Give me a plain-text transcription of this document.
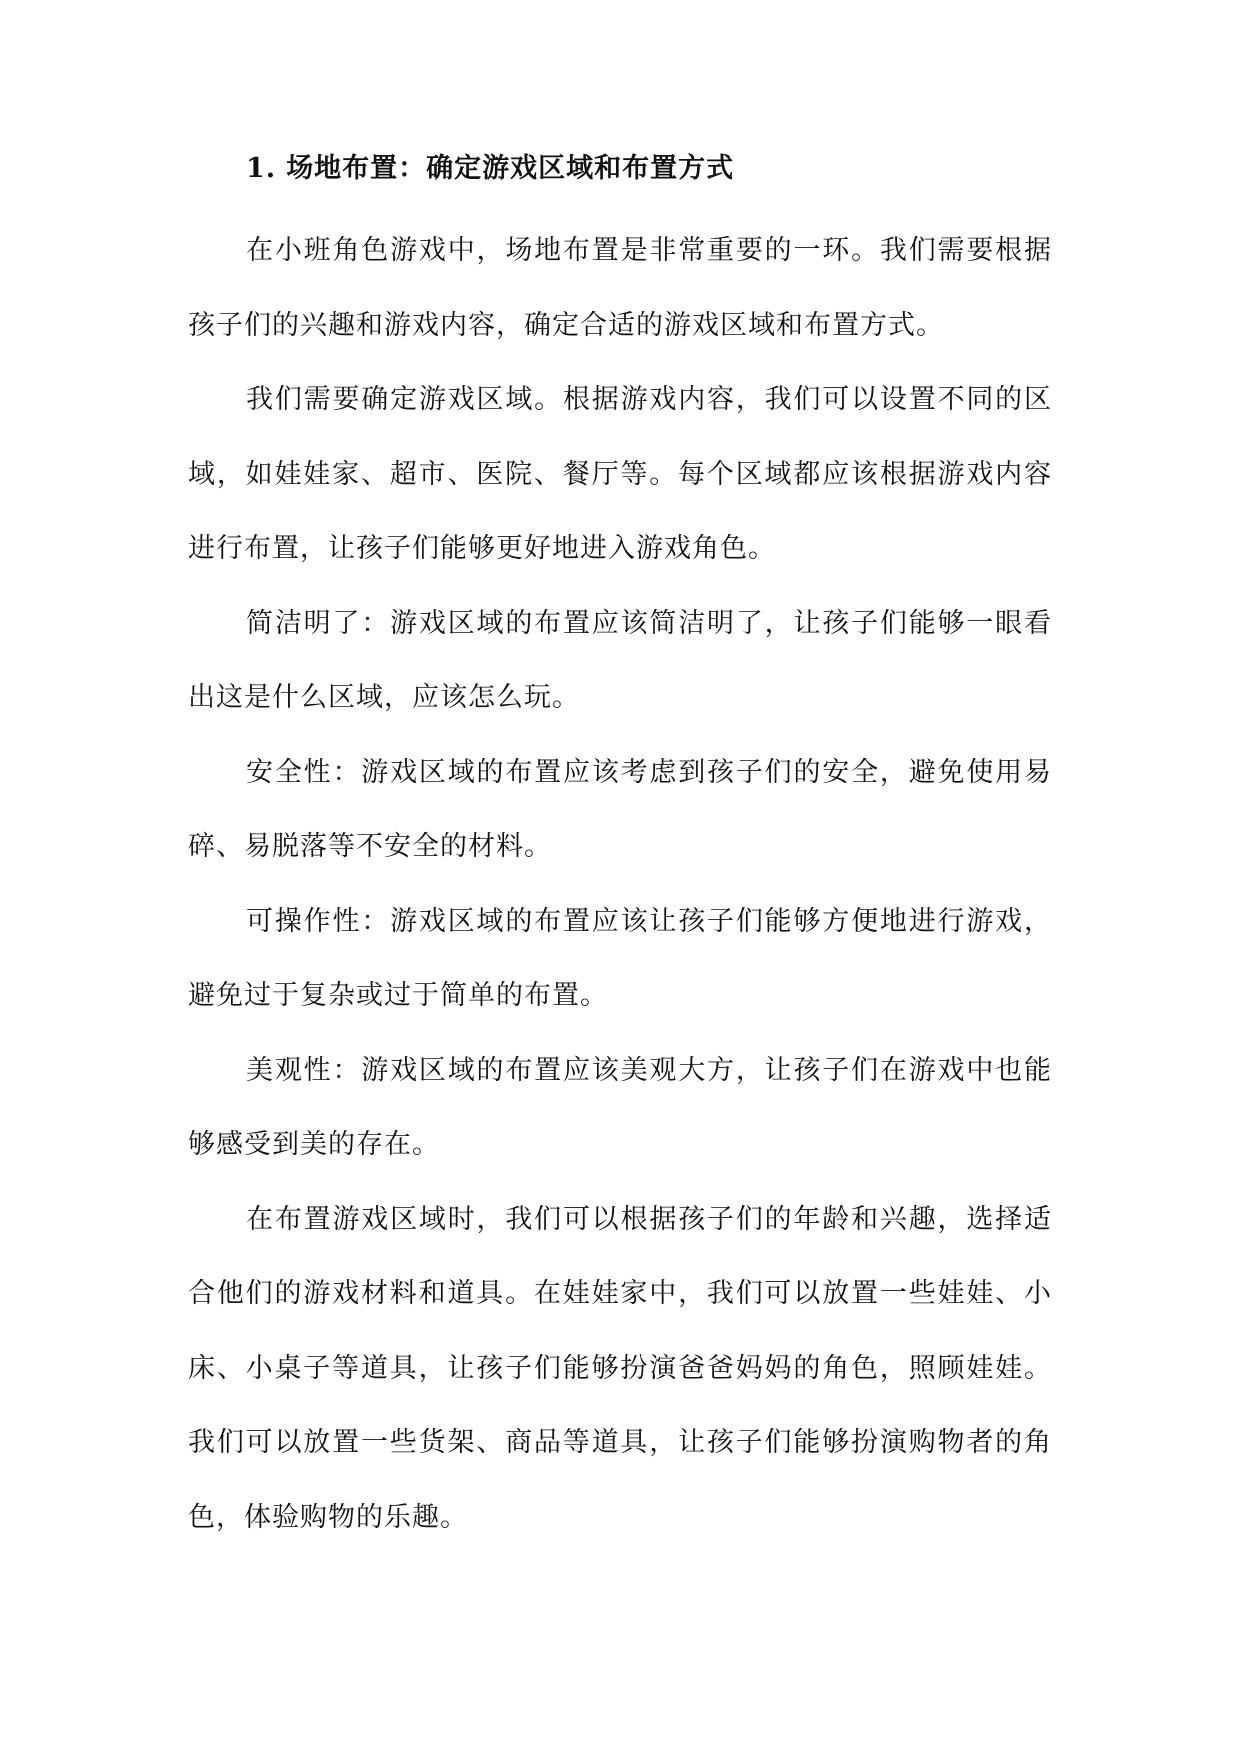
1. 场地布置：确定游戏区域和布置方式

在小班角色游戏中，场地布置是非常重要的一环。我们需要根据孩子们的兴趣和游戏内容，确定合适的游戏区域和布置方式。

我们需要确定游戏区域。根据游戏内容，我们可以设置不同的区域，如娃娃家、超市、医院、餐厅等。每个区域都应该根据游戏内容进行布置，让孩子们能够更好地进入游戏角色。

简洁明了：游戏区域的布置应该简洁明了，让孩子们能够一眼看出这是什么区域，应该怎么玩。

安全性：游戏区域的布置应该考虑到孩子们的安全，避免使用易碎、易脱落等不安全的材料。

可操作性：游戏区域的布置应该让孩子们能够方便地进行游戏，避免过于复杂或过于简单的布置。

美观性：游戏区域的布置应该美观大方，让孩子们在游戏中也能够感受到美的存在。

在布置游戏区域时，我们可以根据孩子们的年龄和兴趣，选择适合他们的游戏材料和道具。在娃娃家中，我们可以放置一些娃娃、小床、小桌子等道具，让孩子们能够扮演爸爸妈妈的角色，照顾娃娃。我们可以放置一些货架、商品等道具，让孩子们能够扮演购物者的角色，体验购物的乐趣。
